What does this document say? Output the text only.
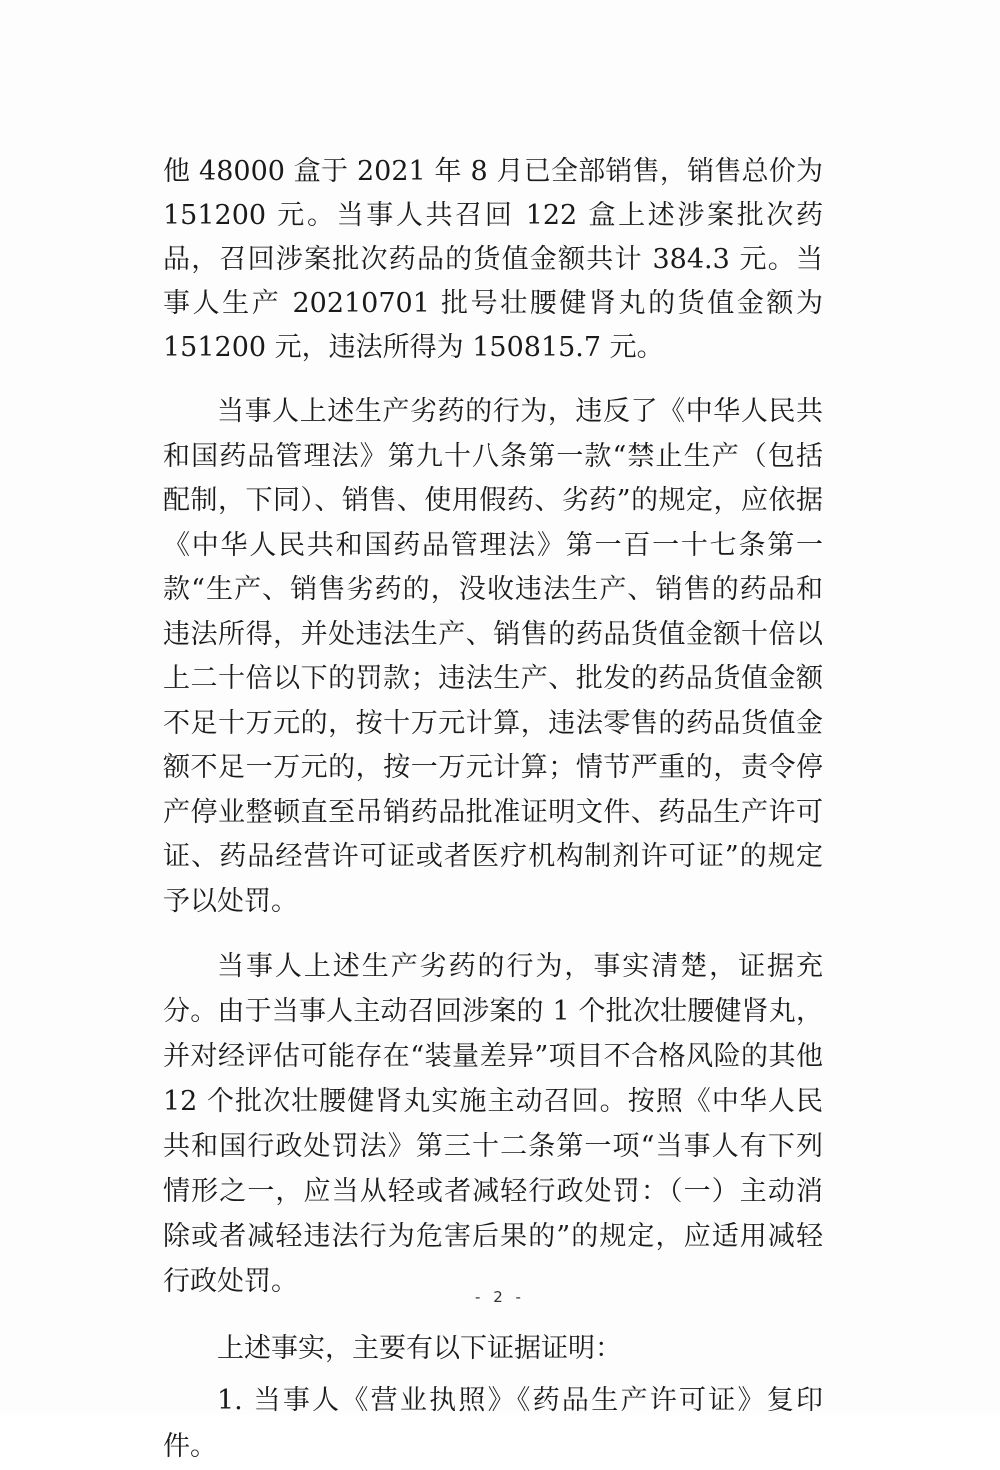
他 48000 盒于 2021 年 8 月已全部销售，销售总价为 151200 元。当事人共召回 122 盒上述涉案批次药品，召回涉案批次药品的货值金额共计 384.3 元。当事人生产 20210701 批号壮腰健肾丸的货值金额为 151200 元，违法所得为 150815.7 元。

当事人上述生产劣药的行为，违反了《中华人民共和国药品管理法》第九十八条第一款“禁止生产（包括配制，下同）、销售、使用假药、劣药”的规定，应依据《中华人民共和国药品管理法》第一百一十七条第一款“生产、销售劣药的，没收违法生产、销售的药品和违法所得，并处违法生产、销售的药品货值金额十倍以上二十倍以下的罚款；违法生产、批发的药品货值金额不足十万元的，按十万元计算，违法零售的药品货值金额不足一万元的，按一万元计算；情节严重的，责令停产停业整顿直至吊销药品批准证明文件、药品生产许可证、药品经营许可证或者医疗机构制剂许可证”的规定予以处罚。

当事人上述生产劣药的行为，事实清楚，证据充分。由于当事人主动召回涉案的 1 个批次壮腰健肾丸，并对经评估可能存在“装量差异”项目不合格风险的其他 12 个批次壮腰健肾丸实施主动召回。按照《中华人民共和国行政处罚法》第三十二条第一项“当事人有下列情形之一，应当从轻或者减轻行政处罚：（一）主动消除或者减轻违法行为危害后果的”的规定，应适用减轻行政处罚。

上述事实，主要有以下证据证明：

1. 当事人《营业执照》《药品生产许可证》复印件。

- 2 -
